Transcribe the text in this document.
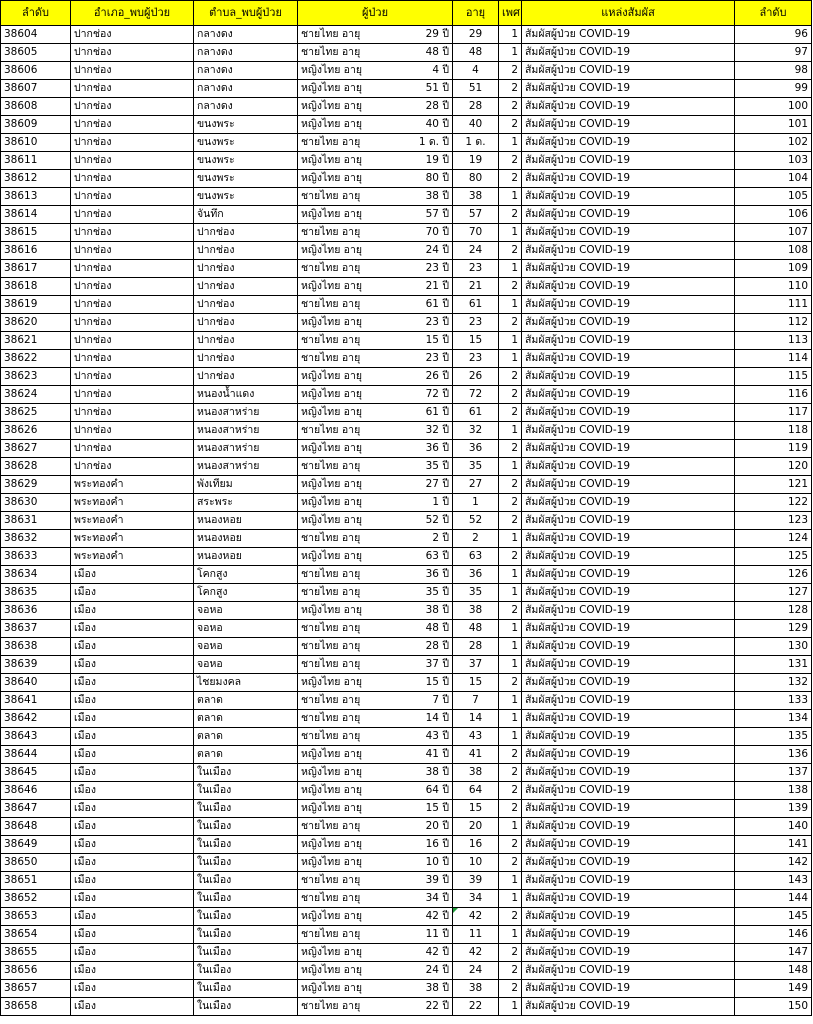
ลำดับ	อำเภอ_พบผู้ป่วย	ตำบล_พบผู้ป่วย	ผู้ป่วย	อายุ	เพศ	แหล่งสัมผัส	ลำดับ
38604	ปากช่อง	กลางดง	ชายไทย อายุ 29 ปี	29	1	สัมผัสผู้ป่วย COVID-19	96
38605	ปากช่อง	กลางดง	ชายไทย อายุ 48 ปี	48	1	สัมผัสผู้ป่วย COVID-19	97
38606	ปากช่อง	กลางดง	หญิงไทย อายุ 4 ปี	4	2	สัมผัสผู้ป่วย COVID-19	98
38607	ปากช่อง	กลางดง	หญิงไทย อายุ 51 ปี	51	2	สัมผัสผู้ป่วย COVID-19	99
38608	ปากช่อง	กลางดง	หญิงไทย อายุ 28 ปี	28	2	สัมผัสผู้ป่วย COVID-19	100
38609	ปากช่อง	ขนงพระ	หญิงไทย อายุ 40 ปี	40	2	สัมผัสผู้ป่วย COVID-19	101
38610	ปากช่อง	ขนงพระ	ชายไทย อายุ 1 ด. ปี	1 ด.	1	สัมผัสผู้ป่วย COVID-19	102
38611	ปากช่อง	ขนงพระ	หญิงไทย อายุ 19 ปี	19	2	สัมผัสผู้ป่วย COVID-19	103
38612	ปากช่อง	ขนงพระ	หญิงไทย อายุ 80 ปี	80	2	สัมผัสผู้ป่วย COVID-19	104
38613	ปากช่อง	ขนงพระ	ชายไทย อายุ 38 ปี	38	1	สัมผัสผู้ป่วย COVID-19	105
38614	ปากช่อง	จันทึก	หญิงไทย อายุ 57 ปี	57	2	สัมผัสผู้ป่วย COVID-19	106
38615	ปากช่อง	ปากช่อง	ชายไทย อายุ 70 ปี	70	1	สัมผัสผู้ป่วย COVID-19	107
38616	ปากช่อง	ปากช่อง	หญิงไทย อายุ 24 ปี	24	2	สัมผัสผู้ป่วย COVID-19	108
38617	ปากช่อง	ปากช่อง	ชายไทย อายุ 23 ปี	23	1	สัมผัสผู้ป่วย COVID-19	109
38618	ปากช่อง	ปากช่อง	หญิงไทย อายุ 21 ปี	21	2	สัมผัสผู้ป่วย COVID-19	110
38619	ปากช่อง	ปากช่อง	ชายไทย อายุ 61 ปี	61	1	สัมผัสผู้ป่วย COVID-19	111
38620	ปากช่อง	ปากช่อง	หญิงไทย อายุ 23 ปี	23	2	สัมผัสผู้ป่วย COVID-19	112
38621	ปากช่อง	ปากช่อง	ชายไทย อายุ 15 ปี	15	1	สัมผัสผู้ป่วย COVID-19	113
38622	ปากช่อง	ปากช่อง	ชายไทย อายุ 23 ปี	23	1	สัมผัสผู้ป่วย COVID-19	114
38623	ปากช่อง	ปากช่อง	หญิงไทย อายุ 26 ปี	26	2	สัมผัสผู้ป่วย COVID-19	115
38624	ปากช่อง	หนองน้ำแดง	หญิงไทย อายุ 72 ปี	72	2	สัมผัสผู้ป่วย COVID-19	116
38625	ปากช่อง	หนองสาหร่าย	หญิงไทย อายุ 61 ปี	61	2	สัมผัสผู้ป่วย COVID-19	117
38626	ปากช่อง	หนองสาหร่าย	ชายไทย อายุ 32 ปี	32	1	สัมผัสผู้ป่วย COVID-19	118
38627	ปากช่อง	หนองสาหร่าย	หญิงไทย อายุ 36 ปี	36	2	สัมผัสผู้ป่วย COVID-19	119
38628	ปากช่อง	หนองสาหร่าย	ชายไทย อายุ 35 ปี	35	1	สัมผัสผู้ป่วย COVID-19	120
38629	พระทองคำ	พังเทียม	หญิงไทย อายุ 27 ปี	27	2	สัมผัสผู้ป่วย COVID-19	121
38630	พระทองคำ	สระพระ	หญิงไทย อายุ 1 ปี	1	2	สัมผัสผู้ป่วย COVID-19	122
38631	พระทองคำ	หนองหอย	หญิงไทย อายุ 52 ปี	52	2	สัมผัสผู้ป่วย COVID-19	123
38632	พระทองคำ	หนองหอย	ชายไทย อายุ 2 ปี	2	1	สัมผัสผู้ป่วย COVID-19	124
38633	พระทองคำ	หนองหอย	หญิงไทย อายุ 63 ปี	63	2	สัมผัสผู้ป่วย COVID-19	125
38634	เมือง	โคกสูง	ชายไทย อายุ 36 ปี	36	1	สัมผัสผู้ป่วย COVID-19	126
38635	เมือง	โคกสูง	ชายไทย อายุ 35 ปี	35	1	สัมผัสผู้ป่วย COVID-19	127
38636	เมือง	จอหอ	หญิงไทย อายุ 38 ปี	38	2	สัมผัสผู้ป่วย COVID-19	128
38637	เมือง	จอหอ	ชายไทย อายุ 48 ปี	48	1	สัมผัสผู้ป่วย COVID-19	129
38638	เมือง	จอหอ	ชายไทย อายุ 28 ปี	28	1	สัมผัสผู้ป่วย COVID-19	130
38639	เมือง	จอหอ	ชายไทย อายุ 37 ปี	37	1	สัมผัสผู้ป่วย COVID-19	131
38640	เมือง	ไชยมงคล	หญิงไทย อายุ 15 ปี	15	2	สัมผัสผู้ป่วย COVID-19	132
38641	เมือง	ตลาด	ชายไทย อายุ 7 ปี	7	1	สัมผัสผู้ป่วย COVID-19	133
38642	เมือง	ตลาด	ชายไทย อายุ 14 ปี	14	1	สัมผัสผู้ป่วย COVID-19	134
38643	เมือง	ตลาด	ชายไทย อายุ 43 ปี	43	1	สัมผัสผู้ป่วย COVID-19	135
38644	เมือง	ตลาด	หญิงไทย อายุ 41 ปี	41	2	สัมผัสผู้ป่วย COVID-19	136
38645	เมือง	ในเมือง	หญิงไทย อายุ 38 ปี	38	2	สัมผัสผู้ป่วย COVID-19	137
38646	เมือง	ในเมือง	หญิงไทย อายุ 64 ปี	64	2	สัมผัสผู้ป่วย COVID-19	138
38647	เมือง	ในเมือง	หญิงไทย อายุ 15 ปี	15	2	สัมผัสผู้ป่วย COVID-19	139
38648	เมือง	ในเมือง	ชายไทย อายุ 20 ปี	20	1	สัมผัสผู้ป่วย COVID-19	140
38649	เมือง	ในเมือง	หญิงไทย อายุ 16 ปี	16	2	สัมผัสผู้ป่วย COVID-19	141
38650	เมือง	ในเมือง	หญิงไทย อายุ 10 ปี	10	2	สัมผัสผู้ป่วย COVID-19	142
38651	เมือง	ในเมือง	ชายไทย อายุ 39 ปี	39	1	สัมผัสผู้ป่วย COVID-19	143
38652	เมือง	ในเมือง	ชายไทย อายุ 34 ปี	34	1	สัมผัสผู้ป่วย COVID-19	144
38653	เมือง	ในเมือง	หญิงไทย อายุ 42 ปี	42	2	สัมผัสผู้ป่วย COVID-19	145
38654	เมือง	ในเมือง	ชายไทย อายุ 11 ปี	11	1	สัมผัสผู้ป่วย COVID-19	146
38655	เมือง	ในเมือง	หญิงไทย อายุ 42 ปี	42	2	สัมผัสผู้ป่วย COVID-19	147
38656	เมือง	ในเมือง	หญิงไทย อายุ 24 ปี	24	2	สัมผัสผู้ป่วย COVID-19	148
38657	เมือง	ในเมือง	หญิงไทย อายุ 38 ปี	38	2	สัมผัสผู้ป่วย COVID-19	149
38658	เมือง	ในเมือง	ชายไทย อายุ 22 ปี	22	1	สัมผัสผู้ป่วย COVID-19	150
